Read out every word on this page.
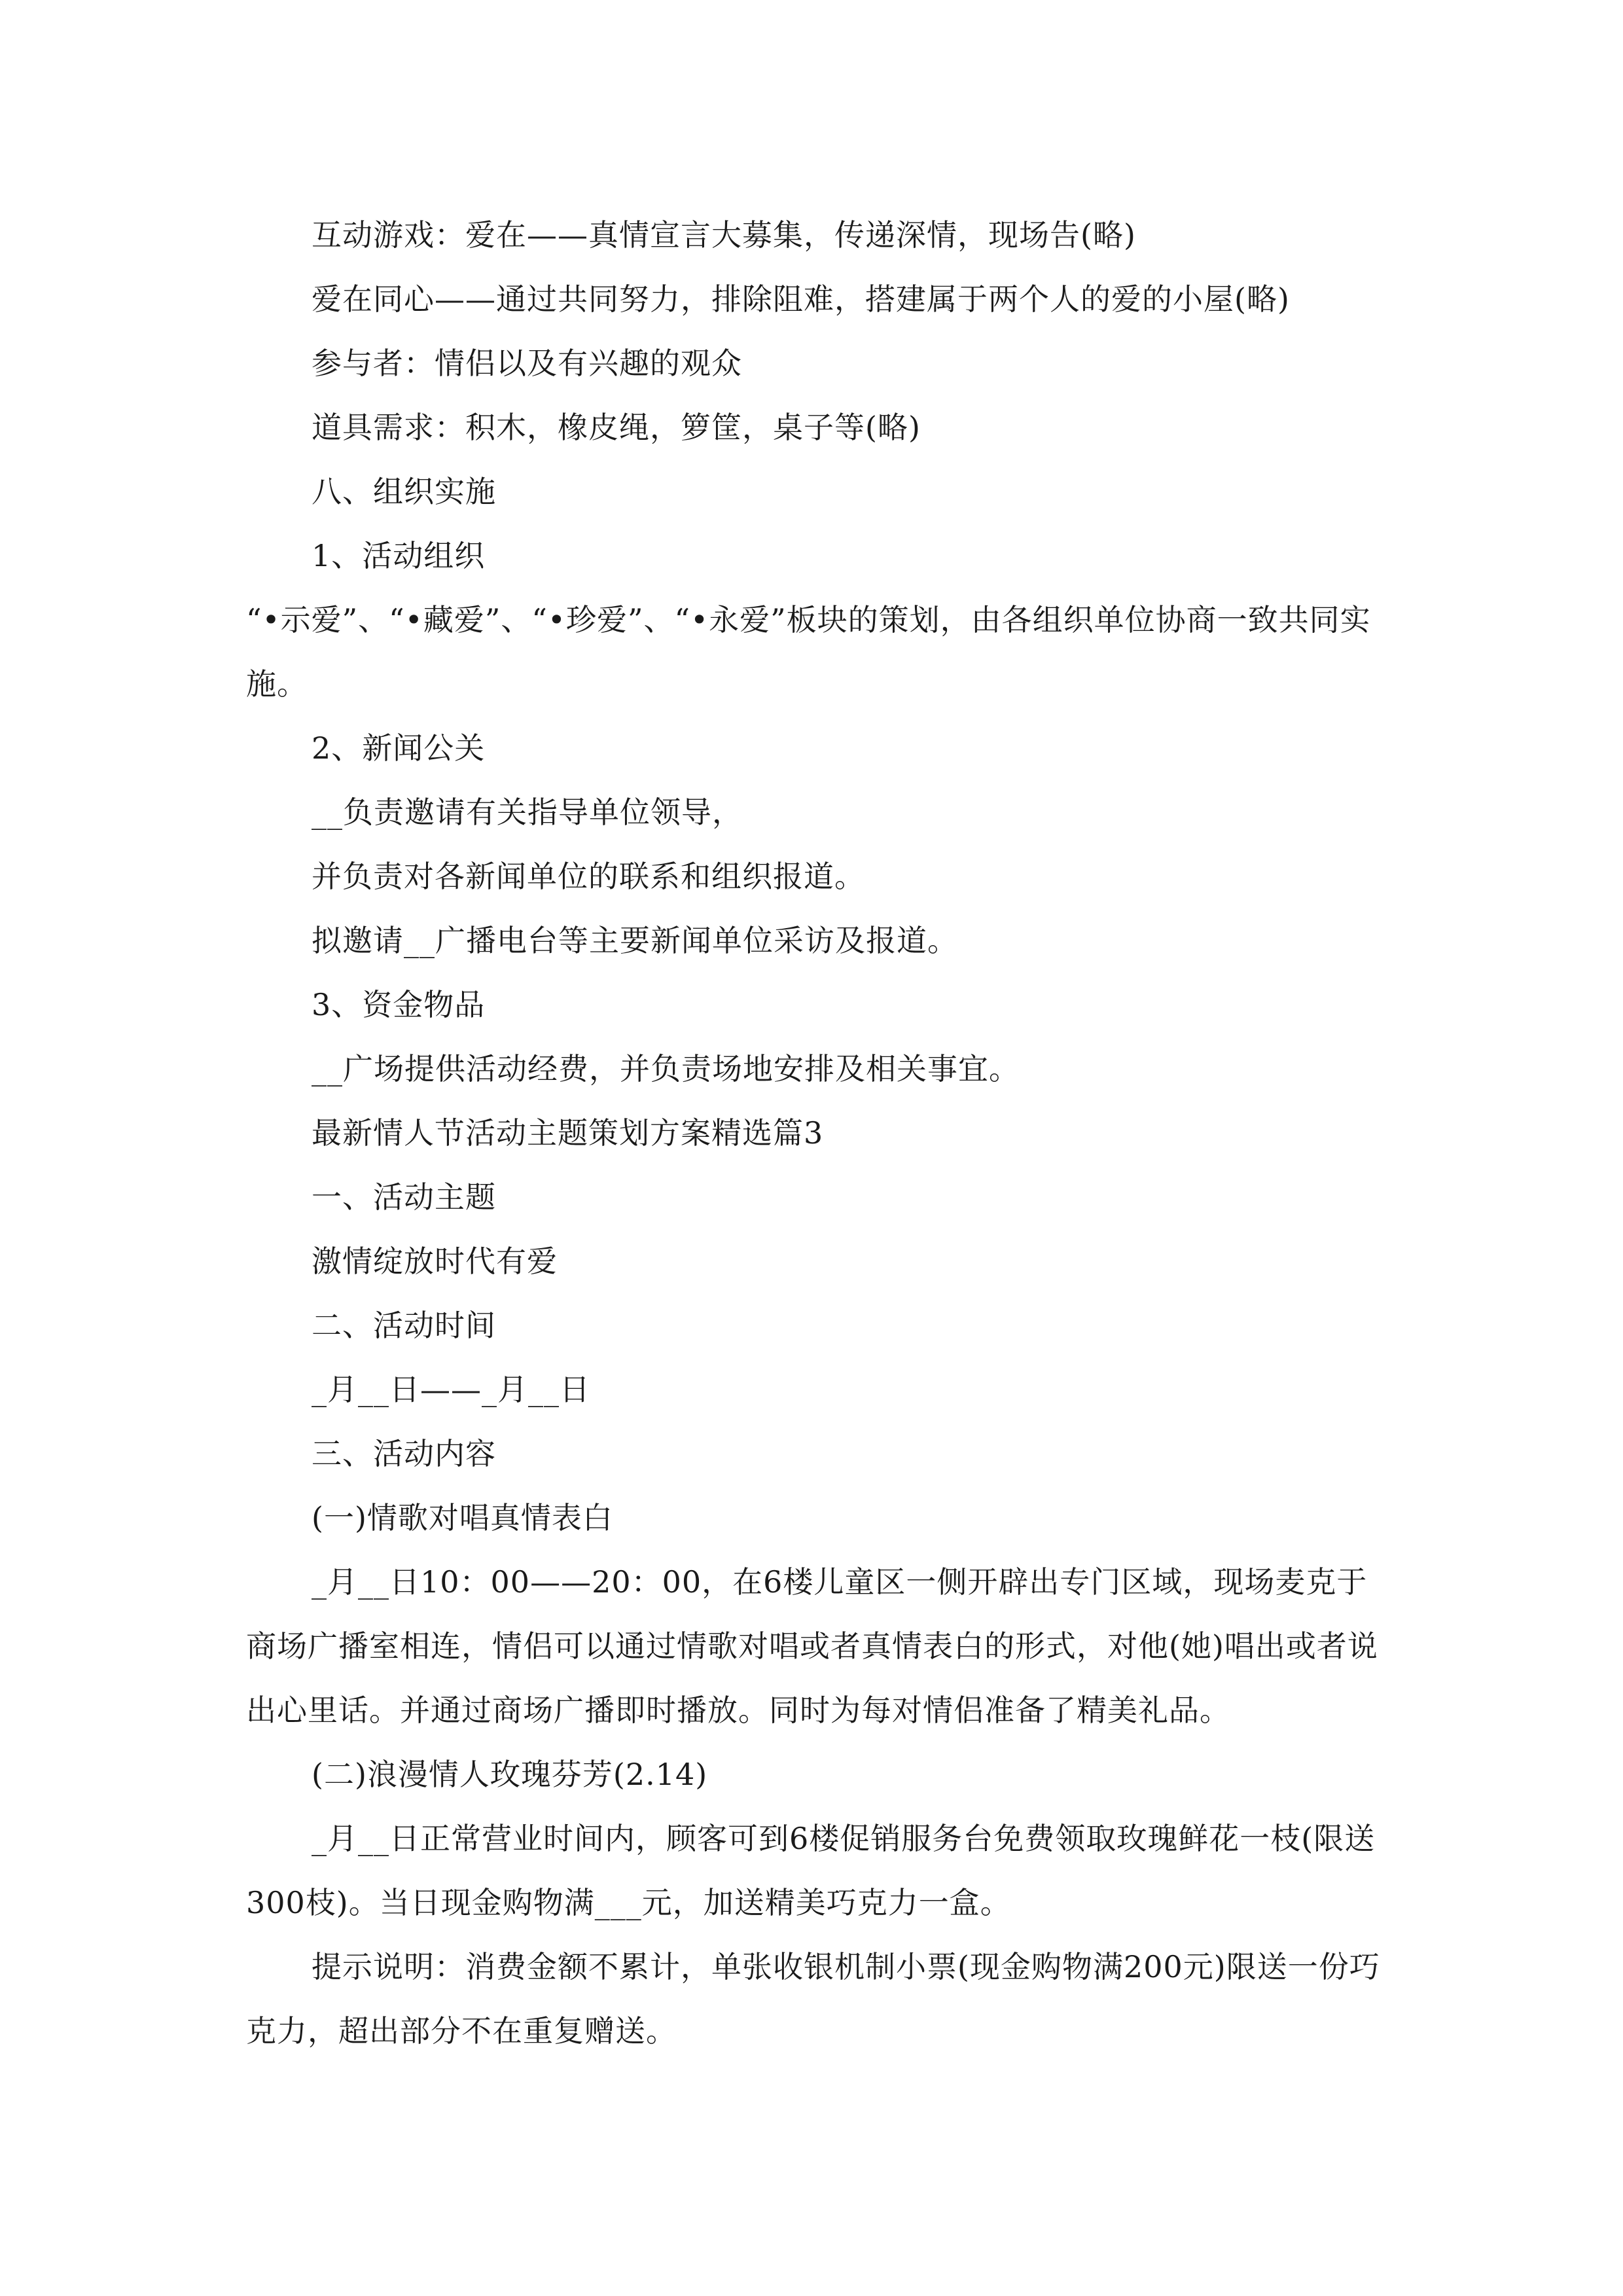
互动游戏：爱在——真情宣言大募集，传递深情，现场告(略)

爱在同心——通过共同努力，排除阻难，搭建属于两个人的爱的小屋(略)

参与者：情侣以及有兴趣的观众

道具需求：积木，橡皮绳，箩筐，桌子等(略)

八、组织实施

1、活动组织

“•示爱”、“•藏爱”、“•珍爱”、“•永爱”板块的策划，由各组织单位协商一致共同实施。

2、新闻公关

__负责邀请有关指导单位领导，

并负责对各新闻单位的联系和组织报道。

拟邀请__广播电台等主要新闻单位采访及报道。

3、资金物品

__广场提供活动经费，并负责场地安排及相关事宜。

最新情人节活动主题策划方案精选篇3

一、活动主题

激情绽放时代有爱

二、活动时间

_月__日——_月__日

三、活动内容

(一)情歌对唱真情表白

_月__日10：00——20：00，在6楼儿童区一侧开辟出专门区域，现场麦克于商场广播室相连，情侣可以通过情歌对唱或者真情表白的形式，对他(她)唱出或者说出心里话。并通过商场广播即时播放。同时为每对情侣准备了精美礼品。

(二)浪漫情人玫瑰芬芳(2.14)

_月__日正常营业时间内，顾客可到6楼促销服务台免费领取玫瑰鲜花一枝(限送300枝)。当日现金购物满___元，加送精美巧克力一盒。

提示说明：消费金额不累计，单张收银机制小票(现金购物满200元)限送一份巧克力，超出部分不在重复赠送。
